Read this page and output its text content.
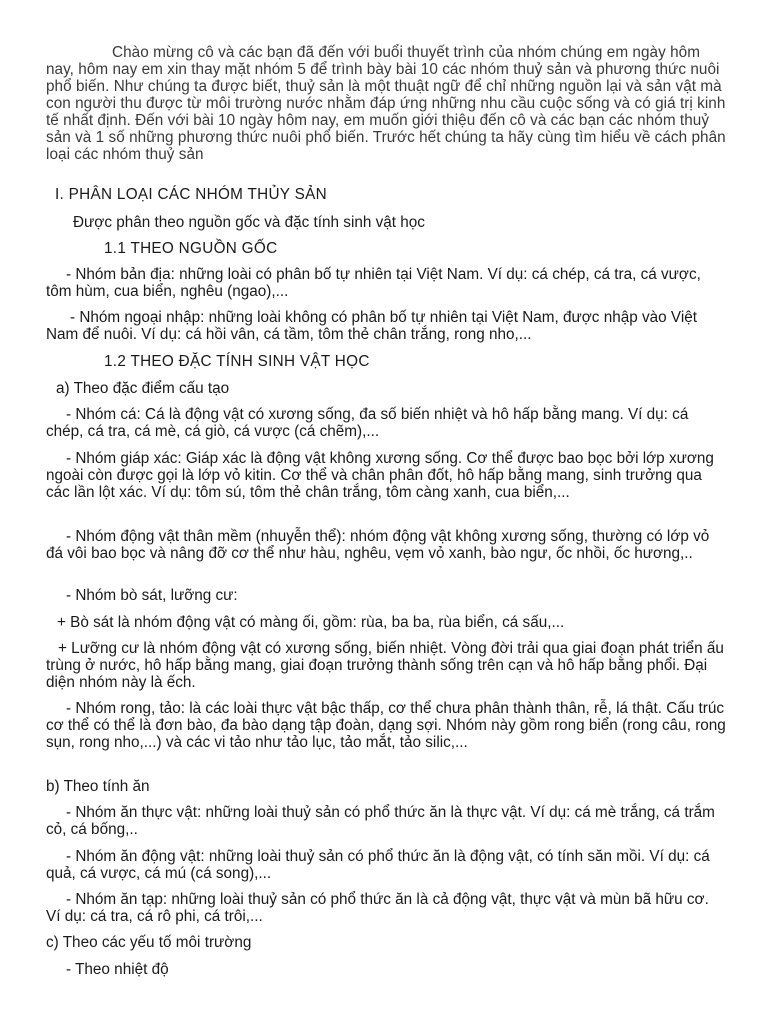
Chào mừng cô và các bạn đã đến với buổi thuyết trình của nhóm chúng em ngày hôm nay, hôm nay em xin thay mặt nhóm 5 để trình bày bài 10 các nhóm thuỷ sản và phương thức nuôi phổ biến. Như chúng ta được biết, thuỷ sản là một thuật ngữ để chỉ những nguồn lại và sản vật mà con người thu được từ môi trường nước nhằm đáp ứng những nhu cầu cuộc sống và có giá trị kinh tế nhất định. Đến với bài 10 ngày hôm nay, em muốn giới thiệu đến cô và các bạn các nhóm thuỷ sản và 1 số những phương thức nuôi phổ biến. Trước hết chúng ta hãy cùng tìm hiểu về cách phân loại các nhóm thuỷ sản

I. PHÂN LOẠI CÁC NHÓM THỦY SẢN

Được phân theo nguồn gốc và đặc tính sinh vật học

1.1 THEO NGUỒN GỐC

- Nhóm bản địa: những loài có phân bố tự nhiên tại Việt Nam. Ví dụ: cá chép, cá tra, cá vược, tôm hùm, cua biển, nghêu (ngao),...

- Nhóm ngoại nhập: những loài không có phân bố tự nhiên tại Việt Nam, được nhập vào Việt Nam để nuôi. Ví dụ: cá hồi vân, cá tầm, tôm thẻ chân trắng, rong nho,...

1.2 THEO ĐẶC TÍNH SINH VẬT HỌC

a) Theo đặc điểm cấu tạo

- Nhóm cá: Cá là động vật có xương sống, đa số biến nhiệt và hô hấp bằng mang. Ví dụ: cá chép, cá tra, cá mè, cá giò, cá vược (cá chẽm),...

- Nhóm giáp xác: Giáp xác là động vật không xương sống. Cơ thể được bao bọc bởi lớp xương ngoài còn được gọi là lớp vỏ kitin. Cơ thể và chân phân đốt, hô hấp bằng mang, sinh trưởng qua các lần lột xác. Ví dụ: tôm sú, tôm thẻ chân trắng, tôm càng xanh, cua biển,...

- Nhóm động vật thân mềm (nhuyễn thể): nhóm động vật không xương sống, thường có lớp vỏ đá vôi bao bọc và nâng đỡ cơ thể như hàu, nghêu, vẹm vỏ xanh, bào ngư, ốc nhồi, ốc hương,..

- Nhóm bò sát, lưỡng cư:

+ Bò sát là nhóm động vật có màng ối, gồm: rùa, ba ba, rùa biển, cá sấu,...

+ Lưỡng cư là nhóm động vật có xương sống, biến nhiệt. Vòng đời trải qua giai đoạn phát triển ấu trùng ở nước, hô hấp bằng mang, giai đoạn trưởng thành sống trên cạn và hô hấp bằng phổi. Đại diện nhóm này là ếch.

- Nhóm rong, tảo: là các loài thực vật bậc thấp, cơ thể chưa phân thành thân, rễ, lá thật. Cấu trúc cơ thể có thể là đơn bào, đa bào dạng tập đoàn, dạng sợi. Nhóm này gồm rong biển (rong câu, rong sụn, rong nho,...) và các vi tảo như tảo lục, tảo mắt, tảo silic,...

b) Theo tính ăn

- Nhóm ăn thực vật: những loài thuỷ sản có phổ thức ăn là thực vật. Ví dụ: cá mè trắng, cá trắm cỏ, cá bống,..

- Nhóm ăn động vật: những loài thuỷ sản có phổ thức ăn là động vật, có tính săn mồi. Ví dụ: cá quả, cá vược, cá mú (cá song),...

- Nhóm ăn tạp: những loài thuỷ sản có phổ thức ăn là cả động vật, thực vật và mùn bã hữu cơ. Ví dụ: cá tra, cá rô phi, cá trôi,...

c) Theo các yếu tố môi trường

- Theo nhiệt độ
